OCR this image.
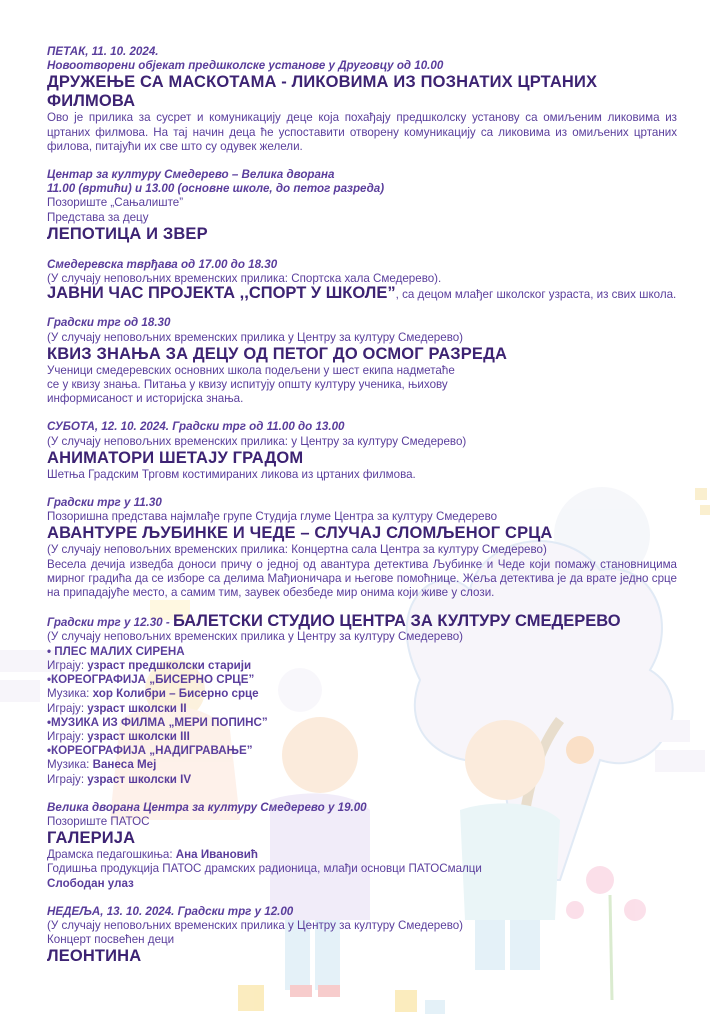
ПЕТАК, 11. 10. 2024.
Новоотворени објекат предшколске установе у Друговцу од 10.00
ДРУЖЕЊЕ СА МАСКОТАМА - ЛИКОВИМА ИЗ ПОЗНАТИХ ЦРТАНИХ ФИЛМОВА
Ово је прилика за сусрет и комуникацију деце која похађају предшколску установу са омиљеним ликовима из цртаних филмова. На тај начин деца ће успоставити отворену комуникацију са ликовима из омиљених цртаних филова, питајући их све што су одувек желели.
Центар за културу Смедерево – Велика дворана
11.00 (вртићи) и 13.00 (основне школе, до петог разреда)
Позориште „Сањалиште”
Представа за децу
ЛЕПОТИЦА И ЗВЕР
Смедеревска тврђава од 17.00 до 18.30
(У случају неповољних временских прилика: Спортска хала Смедерево).
ЈАВНИ ЧАС ПРОЈЕКТА ,,СПОРТ У ШКОЛЕ”, са децом млађег школског узраста, из свих школа.
Градски трг од 18.30
(У случају неповољних временских прилика у Центру за културу Смедерево)
КВИЗ ЗНАЊА ЗА ДЕЦУ ОД ПЕТОГ ДО ОСМОГ РАЗРЕДА
Ученици смедеревских основних школа подељени у шест екипа надметаће
се у квизу знања. Питања у квизу испитују општу културу ученика, њихову
информисаност и историјска знања.
СУБОТА, 12. 10. 2024. Градски трг од 11.00 до 13.00
(У случају неповољних временских прилика: у Центру за културу Смедерево)
АНИМАТОРИ ШЕТАЈУ ГРАДОМ
Шетња Градским Трговм костимираних ликова из цртаних филмова.
Градски трг у 11.30
Позоришна представа најмлађе групе Студија глуме Центра за културу Смедерево
АВАНТУРЕ ЉУБИНКЕ И ЧЕДЕ – СЛУЧАЈ СЛОМЉЕНОГ СРЦА
(У случају неповољних временских прилика: Концертна сала Центра за културу Смедерево)
Весела дечија изведба доноси причу о једној од авантура детектива Љубинке и Чеде који помажу становницима мирног градића да се изборе са делима Мађионичара и његове помоћнице. Жеља детектива је да врате једно срце на припадајуће место, а самим тим, заувек обезбеде мир онима који живе у слози.
Градски трг у 12.30 - БАЛЕТСКИ СТУДИО ЦЕНТРА ЗА КУЛТУРУ СМЕДЕРЕВО
(У случају неповољних временских прилика у Центру за културу Смедерево)
• ПЛЕС МАЛИХ СИРЕНА
Играју: узраст предшколски старији
•КОРЕОГРАФИЈА „БИСЕРНО СРЦЕ”
Музика: хор Колибри – Бисерно срце
Играју: узраст школски II
•МУЗИКА ИЗ ФИЛМА „МЕРИ ПОПИНС”
Играју: узраст школски III
•КОРЕОГРАФИЈА „НАДИГРАВАЊЕ”
Музика: Ванеса Меј
Играју: узраст школски IV
Велика дворана Центра за културу Смедерево у 19.00
Позориште ПАТОС
ГАЛЕРИЈА
Драмска педагошкиња: Ана Ивановић
Годишња продукција ПАТОС драмских радионица, млађи основци ПАТОСмалци
Слободан улаз
НЕДЕЉА, 13. 10. 2024. Градски трг у 12.00
(У случају неповољних временских прилика у Центру за културу Смедерево)
Концерт посвећен деци
ЛЕОНТИНА
